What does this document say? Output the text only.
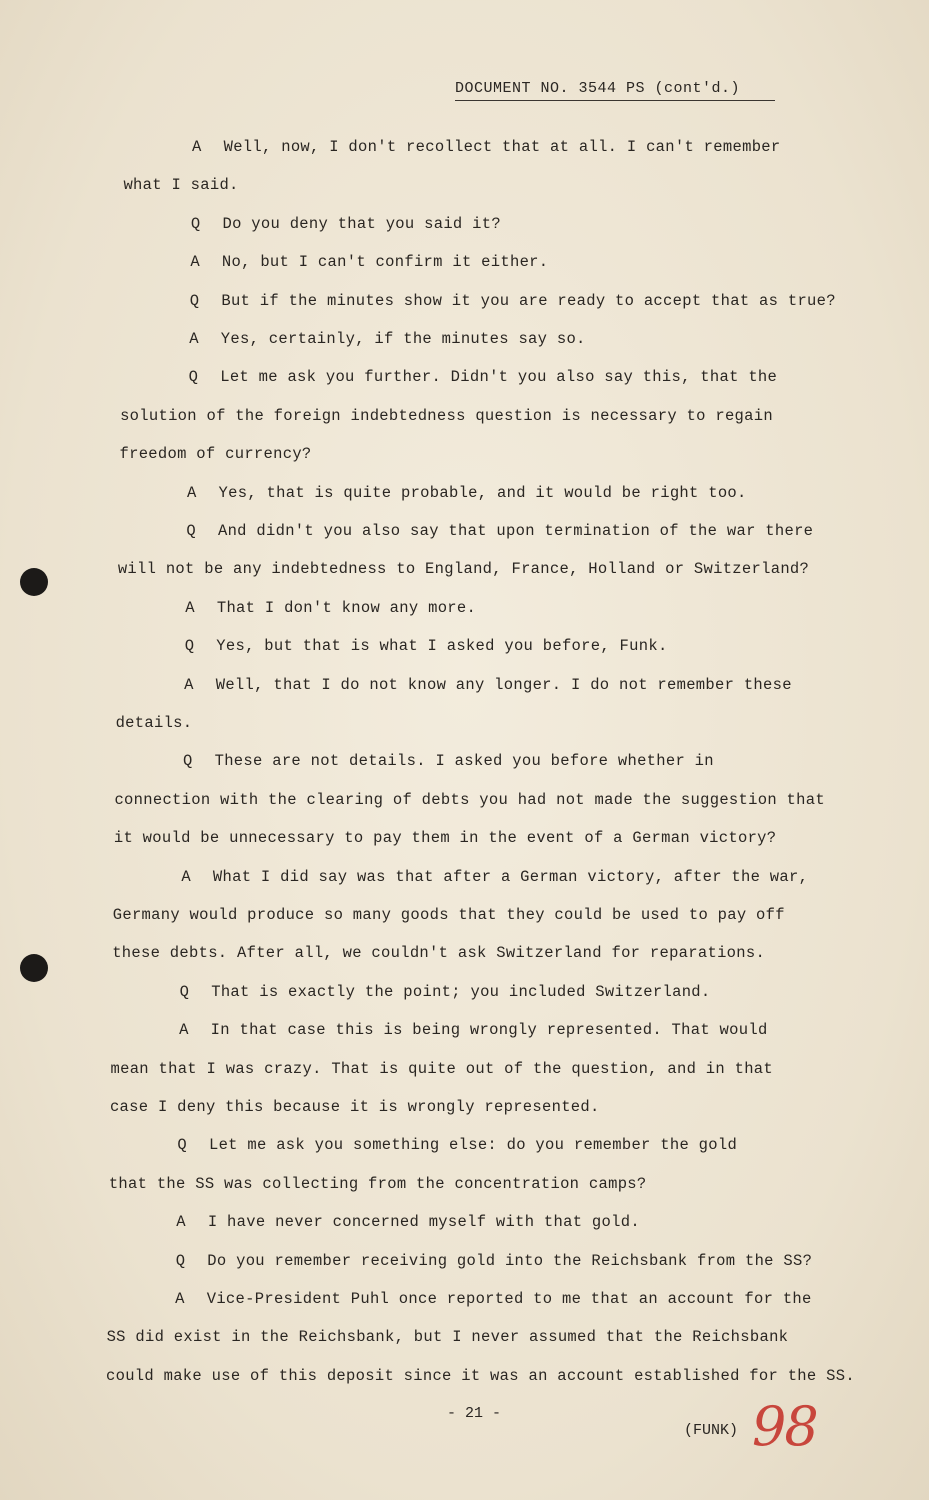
DOCUMENT NO. 3544 PS (cont'd.)
A Well, now, I don't recollect that at all. I can't remember
what I said.
Q Do you deny that you said it?
A No, but I can't confirm it either.
Q But if the minutes show it you are ready to accept that as true?
A Yes, certainly, if the minutes say so.
Q Let me ask you further. Didn't you also say this, that the
solution of the foreign indebtedness question is necessary to regain
freedom of currency?
A Yes, that is quite probable, and it would be right too.
Q And didn't you also say that upon termination of the war there
will not be any indebtedness to England, France, Holland or Switzerland?
A That I don't know any more.
Q Yes, but that is what I asked you before, Funk.
A Well, that I do not know any longer. I do not remember these
details.
Q These are not details. I asked you before whether in
connection with the clearing of debts you had not made the suggestion that
it would be unnecessary to pay them in the event of a German victory?
A What I did say was that after a German victory, after the war,
Germany would produce so many goods that they could be used to pay off
these debts. After all, we couldn't ask Switzerland for reparations.
Q That is exactly the point; you included Switzerland.
A In that case this is being wrongly represented. That would
mean that I was crazy. That is quite out of the question, and in that
case I deny this because it is wrongly represented.
Q Let me ask you something else: do you remember the gold
that the SS was collecting from the concentration camps?
A I have never concerned myself with that gold.
Q Do you remember receiving gold into the Reichsbank from the SS?
A Vice-President Puhl once reported to me that an account for the
SS did exist in the Reichsbank, but I never assumed that the Reichsbank
could make use of this deposit since it was an account established for the SS.
- 21 -
(FUNK) 98
